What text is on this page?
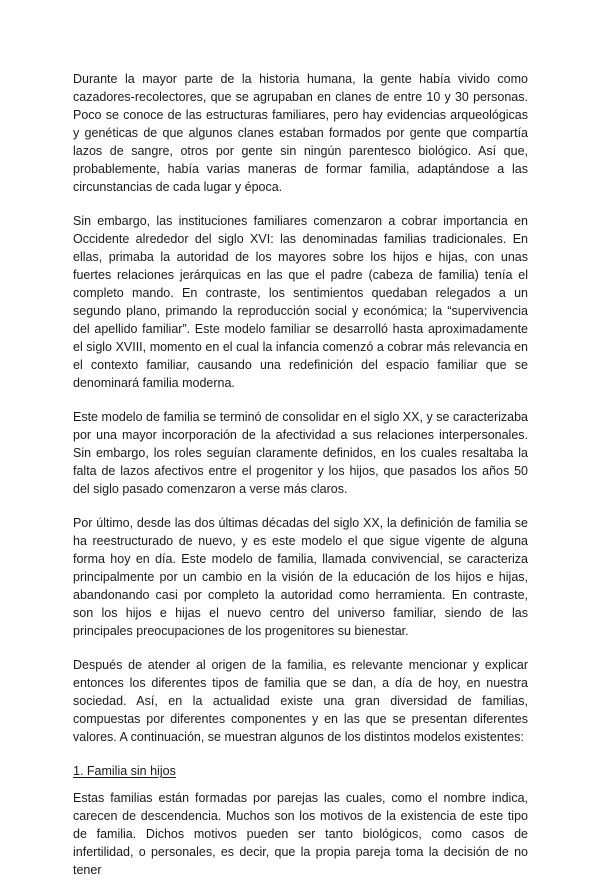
Durante la mayor parte de la historia humana, la gente había vivido como cazadores-recolectores, que se agrupaban en clanes de entre 10 y 30 personas. Poco se conoce de las estructuras familiares, pero hay evidencias arqueológicas y genéticas de que algunos clanes estaban formados por gente que compartía lazos de sangre, otros por gente sin ningún parentesco biológico. Así que, probablemente, había varias maneras de formar familia, adaptándose a las circunstancias de cada lugar y época.

Sin embargo, las instituciones familiares comenzaron a cobrar importancia en Occidente alrededor del siglo XVI: las denominadas familias tradicionales. En ellas, primaba la autoridad de los mayores sobre los hijos e hijas, con unas fuertes relaciones jerárquicas en las que el padre (cabeza de familia) tenía el completo mando. En contraste, los sentimientos quedaban relegados a un segundo plano, primando la reproducción social y económica; la “supervivencia del apellido familiar”. Este modelo familiar se desarrolló hasta aproximadamente el siglo XVIII, momento en el cual la infancia comenzó a cobrar más relevancia en el contexto familiar, causando una redefinición del espacio familiar que se denominará familia moderna.

Este modelo de familia se terminó de consolidar en el siglo XX, y se caracterizaba por una mayor incorporación de la afectividad a sus relaciones interpersonales. Sin embargo, los roles seguían claramente definidos, en los cuales resaltaba la falta de lazos afectivos entre el progenitor y los hijos, que pasados los años 50 del siglo pasado comenzaron a verse más claros.

Por último, desde las dos últimas décadas del siglo XX, la definición de familia se ha reestructurado de nuevo, y es este modelo el que sigue vigente de alguna forma hoy en día. Este modelo de familia, llamada convivencial, se caracteriza principalmente por un cambio en la visión de la educación de los hijos e hijas, abandonando casi por completo la autoridad como herramienta. En contraste, son los hijos e hijas el nuevo centro del universo familiar, siendo de las principales preocupaciones de los progenitores su bienestar.

Después de atender al origen de la familia, es relevante mencionar y explicar entonces los diferentes tipos de familia que se dan, a día de hoy, en nuestra sociedad. Así, en la actualidad existe una gran diversidad de familias, compuestas por diferentes componentes y en las que se presentan diferentes valores. A continuación, se muestran algunos de los distintos modelos existentes:

1. Familia sin hijos

Estas familias están formadas por parejas las cuales, como el nombre indica, carecen de descendencia. Muchos son los motivos de la existencia de este tipo de familia. Dichos motivos pueden ser tanto biológicos, como casos de infertilidad, o personales, es decir, que la propia pareja toma la decisión de no tener
